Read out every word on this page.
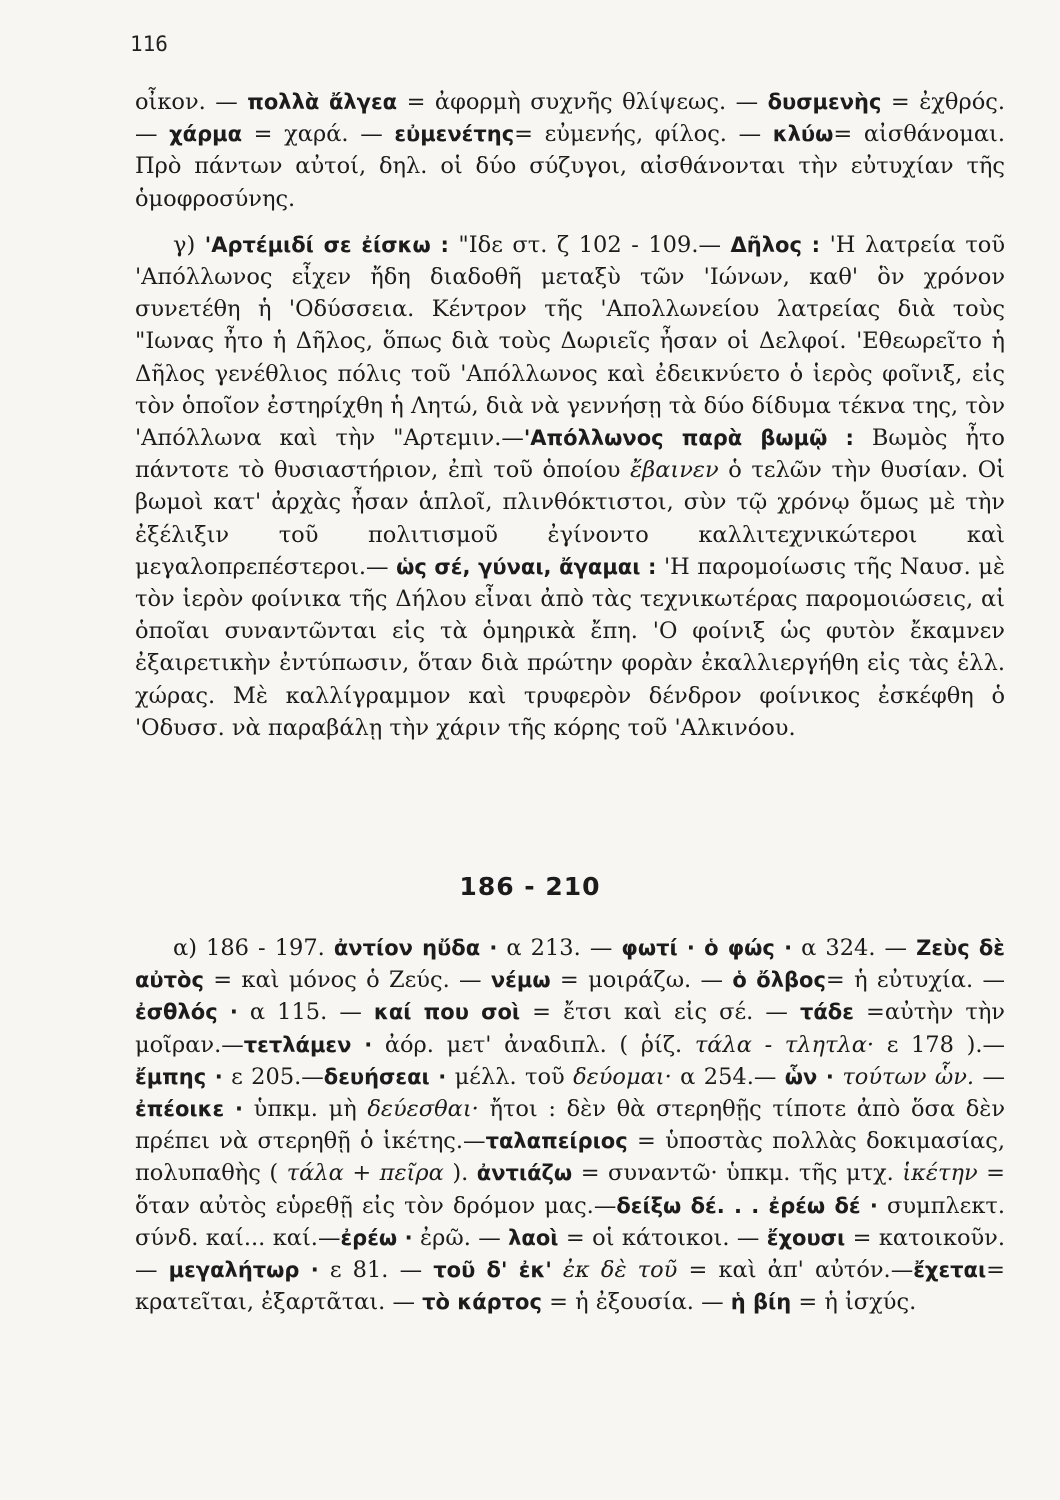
116

οἶκον. — πολλὰ ἄλγεα = ἀφορμὴ συχνῆς θλίψεως. — δυσμενὴς = ἐχθρός. — χάρμα = χαρά. — εὐμενέτης= εὐμενής, φίλος. — κλύω= αἰσθάνομαι. Πρὸ πάντων αὐτοί, δηλ. οἱ δύο σύζυγοι, αἰσθάνονται τὴν εὐτυχίαν τῆς ὁμοφροσύνης.

γ) 'Αρτέμιδί σε ἐίσκω : "Ιδε στ. ζ 102 - 109.— Δῆλος : 'Η λατρεία τοῦ 'Απόλλωνος εἶχεν ἤδη διαδοθῆ μεταξὺ τῶν 'Ιώνων, καθ' ὃν χρόνον συνετέθη ἡ 'Οδύσσεια. Κέντρον τῆς 'Απολλωνείου λατρείας διὰ τοὺς "Ιωνας ἦτο ἡ Δῆλος, ὅπως διὰ τοὺς Δωριεῖς ἦσαν οἱ Δελφοί. 'Εθεωρεῖτο ἡ Δῆλος γενέθλιος πόλις τοῦ 'Απόλλωνος καὶ ἐδεικνύετο ὁ ἱερὸς φοῖνιξ, εἰς τὸν ὁποῖον ἐστηρίχθη ἡ Λητώ, διὰ νὰ γεννήσῃ τὰ δύο δίδυμα τέκνα της, τὸν 'Απόλλωνα καὶ τὴν "Αρτεμιν.—'Απόλλωνος παρὰ βωμῷ : Βωμὸς ἦτο πάντοτε τὸ θυσιαστήριον, ἐπὶ τοῦ ὁποίου ἔβαινεν ὁ τελῶν τὴν θυσίαν. Οἱ βωμοὶ κατ' ἀρχὰς ἦσαν ἁπλοῖ, πλινθόκτιστοι, σὺν τῷ χρόνῳ ὅμως μὲ τὴν ἐξέλιξιν τοῦ πολιτισμοῦ ἐγίνοντο καλλιτεχνικώτεροι καὶ μεγαλοπρεπέστεροι.— ὡς σέ, γύναι, ἄγαμαι : 'Η παρομοίωσις τῆς Ναυσ. μὲ τὸν ἱερὸν φοίνικα τῆς Δήλου εἶναι ἀπὸ τὰς τεχνικωτέρας παρομοιώσεις, αἱ ὁποῖαι συναντῶνται εἰς τὰ ὁμηρικὰ ἔπη. 'Ο φοίνιξ ὡς φυτὸν ἔκαμνεν ἐξαιρετικὴν ἐντύπωσιν, ὅταν διὰ πρώτην φορὰν ἐκαλλιεργήθη εἰς τὰς ἑλλ. χώρας. Μὲ καλλίγραμμον καὶ τρυφερὸν δένδρον φοίνικος ἐσκέφθη ὁ 'Οδυσσ. νὰ παραβάλῃ τὴν χάριν τῆς κόρης τοῦ 'Αλκινόου.

186 - 210

α) 186 - 197. ἀντίον ηὔδα · α 213. — φωτί · ὁ φώς · α 324. — Ζεὺς δὲ αὐτὸς = καὶ μόνος ὁ Ζεύς. — νέμω = μοιράζω. — ὁ ὄλβος= ἡ εὐτυχία. — ἐσθλός · α 115. — καί που σοὶ = ἔτσι καὶ εἰς σέ. — τάδε =αὐτὴν τὴν μοῖραν.—τετλάμεν · ἀόρ. μετ' ἀναδιπλ. ( ῥίζ. τάλα - τλητλα· ε 178 ).—ἔμπης · ε 205.—δευήσεαι · μέλλ. τοῦ δεύομαι· α 254.— ὧν · τούτων ὧν. — ἐπέοικε · ὑπκμ. μὴ δεύεσθαι· ἤτοι : δὲν θὰ στερηθῇς τίποτε ἀπὸ ὅσα δὲν πρέπει νὰ στερηθῇ ὁ ἱκέτης.—ταλαπείριος = ὑποστὰς πολλὰς δοκιμασίας, πολυπαθὴς ( τάλα + πεῖρα ). ἀντιάζω = συναντῶ· ὑπκμ. τῆς μτχ. ἱκέτην = ὅταν αὐτὸς εὑρεθῇ εἰς τὸν δρόμον μας.—δείξω δέ. . . ἐρέω δέ · συμπλεκτ. σύνδ. καί... καί.—ἐρέω · ἐρῶ. — λαοὶ = οἱ κάτοικοι. — ἔχουσι = κατοικοῦν. — μεγαλήτωρ · ε 81. — τοῦ δ' ἐκ' ἐκ δὲ τοῦ = καὶ ἀπ' αὐτόν.—ἔχεται= κρατεῖται, ἐξαρτᾶται. — τὸ κάρτος = ἡ ἐξουσία. — ἡ βίη = ἡ ἰσχύς.
